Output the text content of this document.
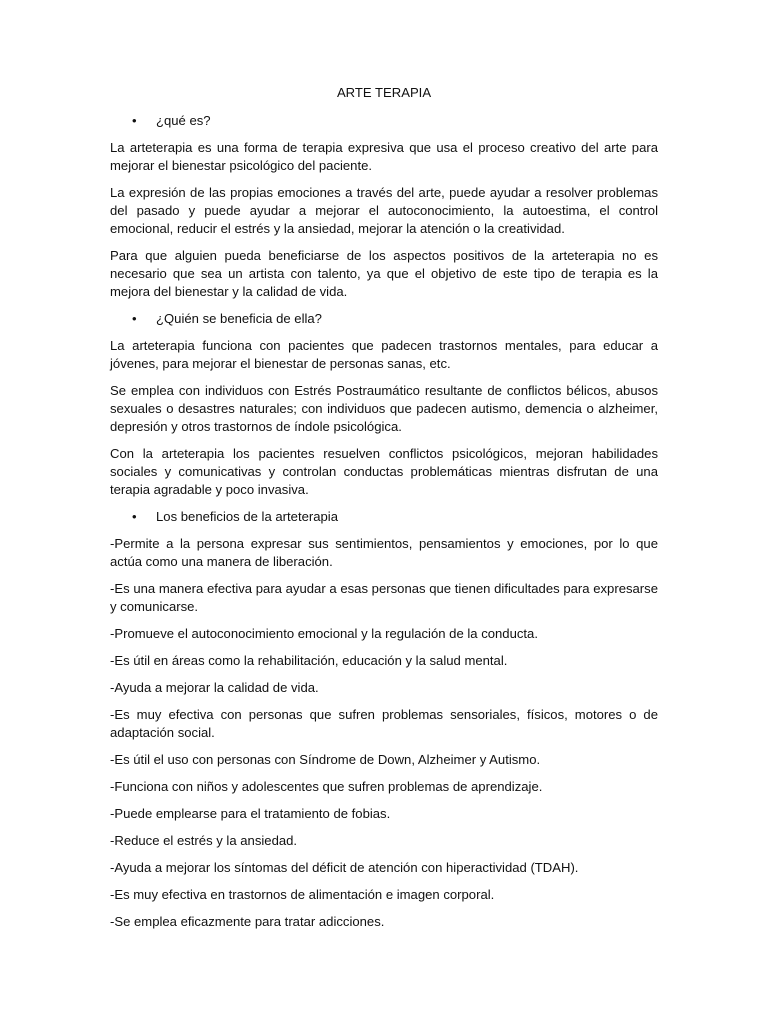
ARTE TERAPIA
• ¿qué es?

La arteterapia es una forma de terapia expresiva que usa el proceso creativo del arte para mejorar el bienestar psicológico del paciente.

La expresión de las propias emociones a través del arte, puede ayudar a resolver problemas del pasado y puede ayudar a mejorar el autoconocimiento, la autoestima, el control emocional, reducir el estrés y la ansiedad, mejorar la atención o la creatividad.

Para que alguien pueda beneficiarse de los aspectos positivos de la arteterapia no es necesario que sea un artista con talento, ya que el objetivo de este tipo de terapia es la mejora del bienestar y la calidad de vida.

• ¿Quién se beneficia de ella?

La arteterapia funciona con pacientes que padecen trastornos mentales, para educar a jóvenes, para mejorar el bienestar de personas sanas, etc.

Se emplea con individuos con Estrés Postraumático resultante de conflictos bélicos, abusos sexuales o desastres naturales; con individuos que padecen autismo, demencia o alzheimer, depresión y otros trastornos de índole psicológica.

Con la arteterapia los pacientes resuelven conflictos psicológicos, mejoran habilidades sociales y comunicativas y controlan conductas problemáticas mientras disfrutan de una terapia agradable y poco invasiva.

• Los beneficios de la arteterapia

-Permite a la persona expresar sus sentimientos, pensamientos y emociones, por lo que actúa como una manera de liberación.

-Es una manera efectiva para ayudar a esas personas que tienen dificultades para expresarse y comunicarse.

-Promueve el autoconocimiento emocional y la regulación de la conducta.

-Es útil en áreas como la rehabilitación, educación y la salud mental.

-Ayuda a mejorar la calidad de vida.

-Es muy efectiva con personas que sufren problemas sensoriales, físicos, motores o de adaptación social.

-Es útil el uso con personas con Síndrome de Down, Alzheimer y Autismo.

-Funciona con niños y adolescentes que sufren problemas de aprendizaje.

-Puede emplearse para el tratamiento de fobias.

-Reduce el estrés y la ansiedad.

-Ayuda a mejorar los síntomas del déficit de atención con hiperactividad (TDAH).

-Es muy efectiva en trastornos de alimentación e imagen corporal.

-Se emplea eficazmente para tratar adicciones.
